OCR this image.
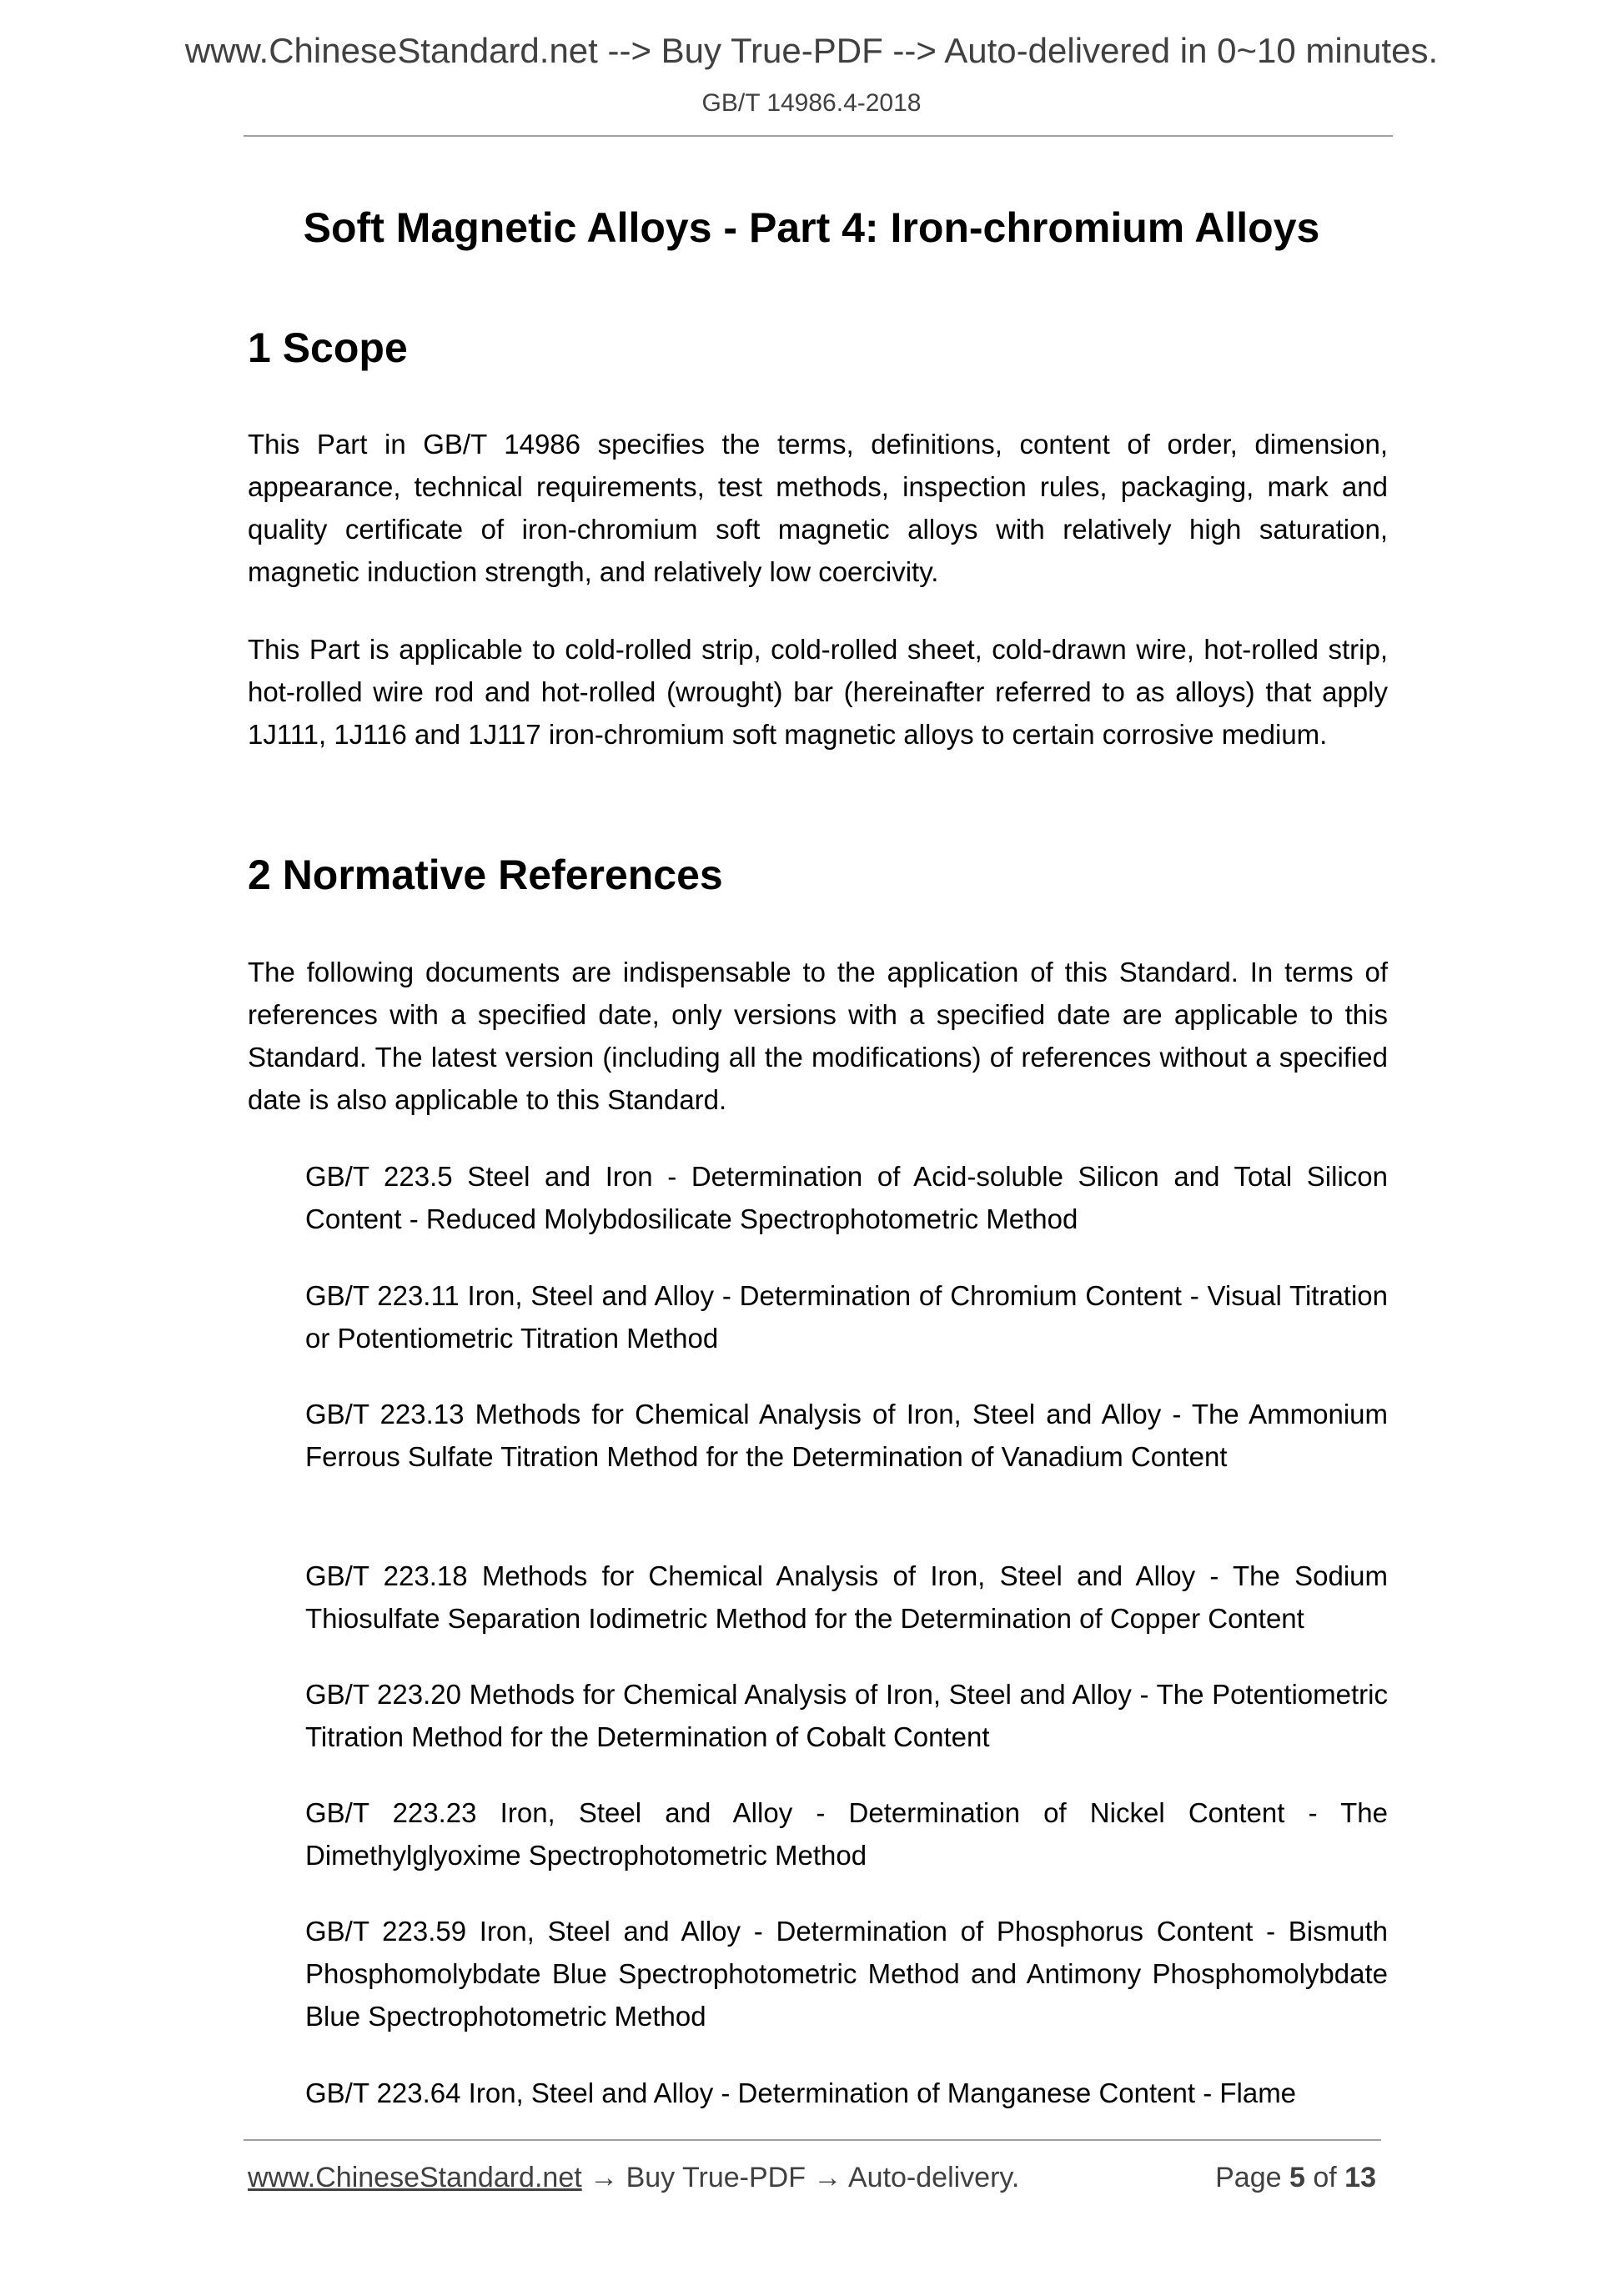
www.ChineseStandard.net --> Buy True-PDF --> Auto-delivered in 0~10 minutes.
GB/T 14986.4-2018
Soft Magnetic Alloys - Part 4: Iron-chromium Alloys
1 Scope
This Part in GB/T 14986 specifies the terms, definitions, content of order, dimension, appearance, technical requirements, test methods, inspection rules, packaging, mark and quality certificate of iron-chromium soft magnetic alloys with relatively high saturation, magnetic induction strength, and relatively low coercivity.
This Part is applicable to cold-rolled strip, cold-rolled sheet, cold-drawn wire, hot-rolled strip, hot-rolled wire rod and hot-rolled (wrought) bar (hereinafter referred to as alloys) that apply 1J111, 1J116 and 1J117 iron-chromium soft magnetic alloys to certain corrosive medium.
2 Normative References
The following documents are indispensable to the application of this Standard. In terms of references with a specified date, only versions with a specified date are applicable to this Standard. The latest version (including all the modifications) of references without a specified date is also applicable to this Standard.
GB/T 223.5 Steel and Iron - Determination of Acid-soluble Silicon and Total Silicon Content - Reduced Molybdosilicate Spectrophotometric Method
GB/T 223.11 Iron, Steel and Alloy - Determination of Chromium Content - Visual Titration or Potentiometric Titration Method
GB/T 223.13 Methods for Chemical Analysis of Iron, Steel and Alloy - The Ammonium Ferrous Sulfate Titration Method for the Determination of Vanadium Content
GB/T 223.18 Methods for Chemical Analysis of Iron, Steel and Alloy - The Sodium Thiosulfate Separation Iodimetric Method for the Determination of Copper Content
GB/T 223.20 Methods for Chemical Analysis of Iron, Steel and Alloy - The Potentiometric Titration Method for the Determination of Cobalt Content
GB/T 223.23 Iron, Steel and Alloy - Determination of Nickel Content - The Dimethylglyoxime Spectrophotometric Method
GB/T 223.59 Iron, Steel and Alloy - Determination of Phosphorus Content - Bismuth Phosphomolybdate Blue Spectrophotometric Method and Antimony Phosphomolybdate Blue Spectrophotometric Method
GB/T 223.64 Iron, Steel and Alloy - Determination of Manganese Content - Flame
www.ChineseStandard.net → Buy True-PDF → Auto-delivery.	Page 5 of 13
